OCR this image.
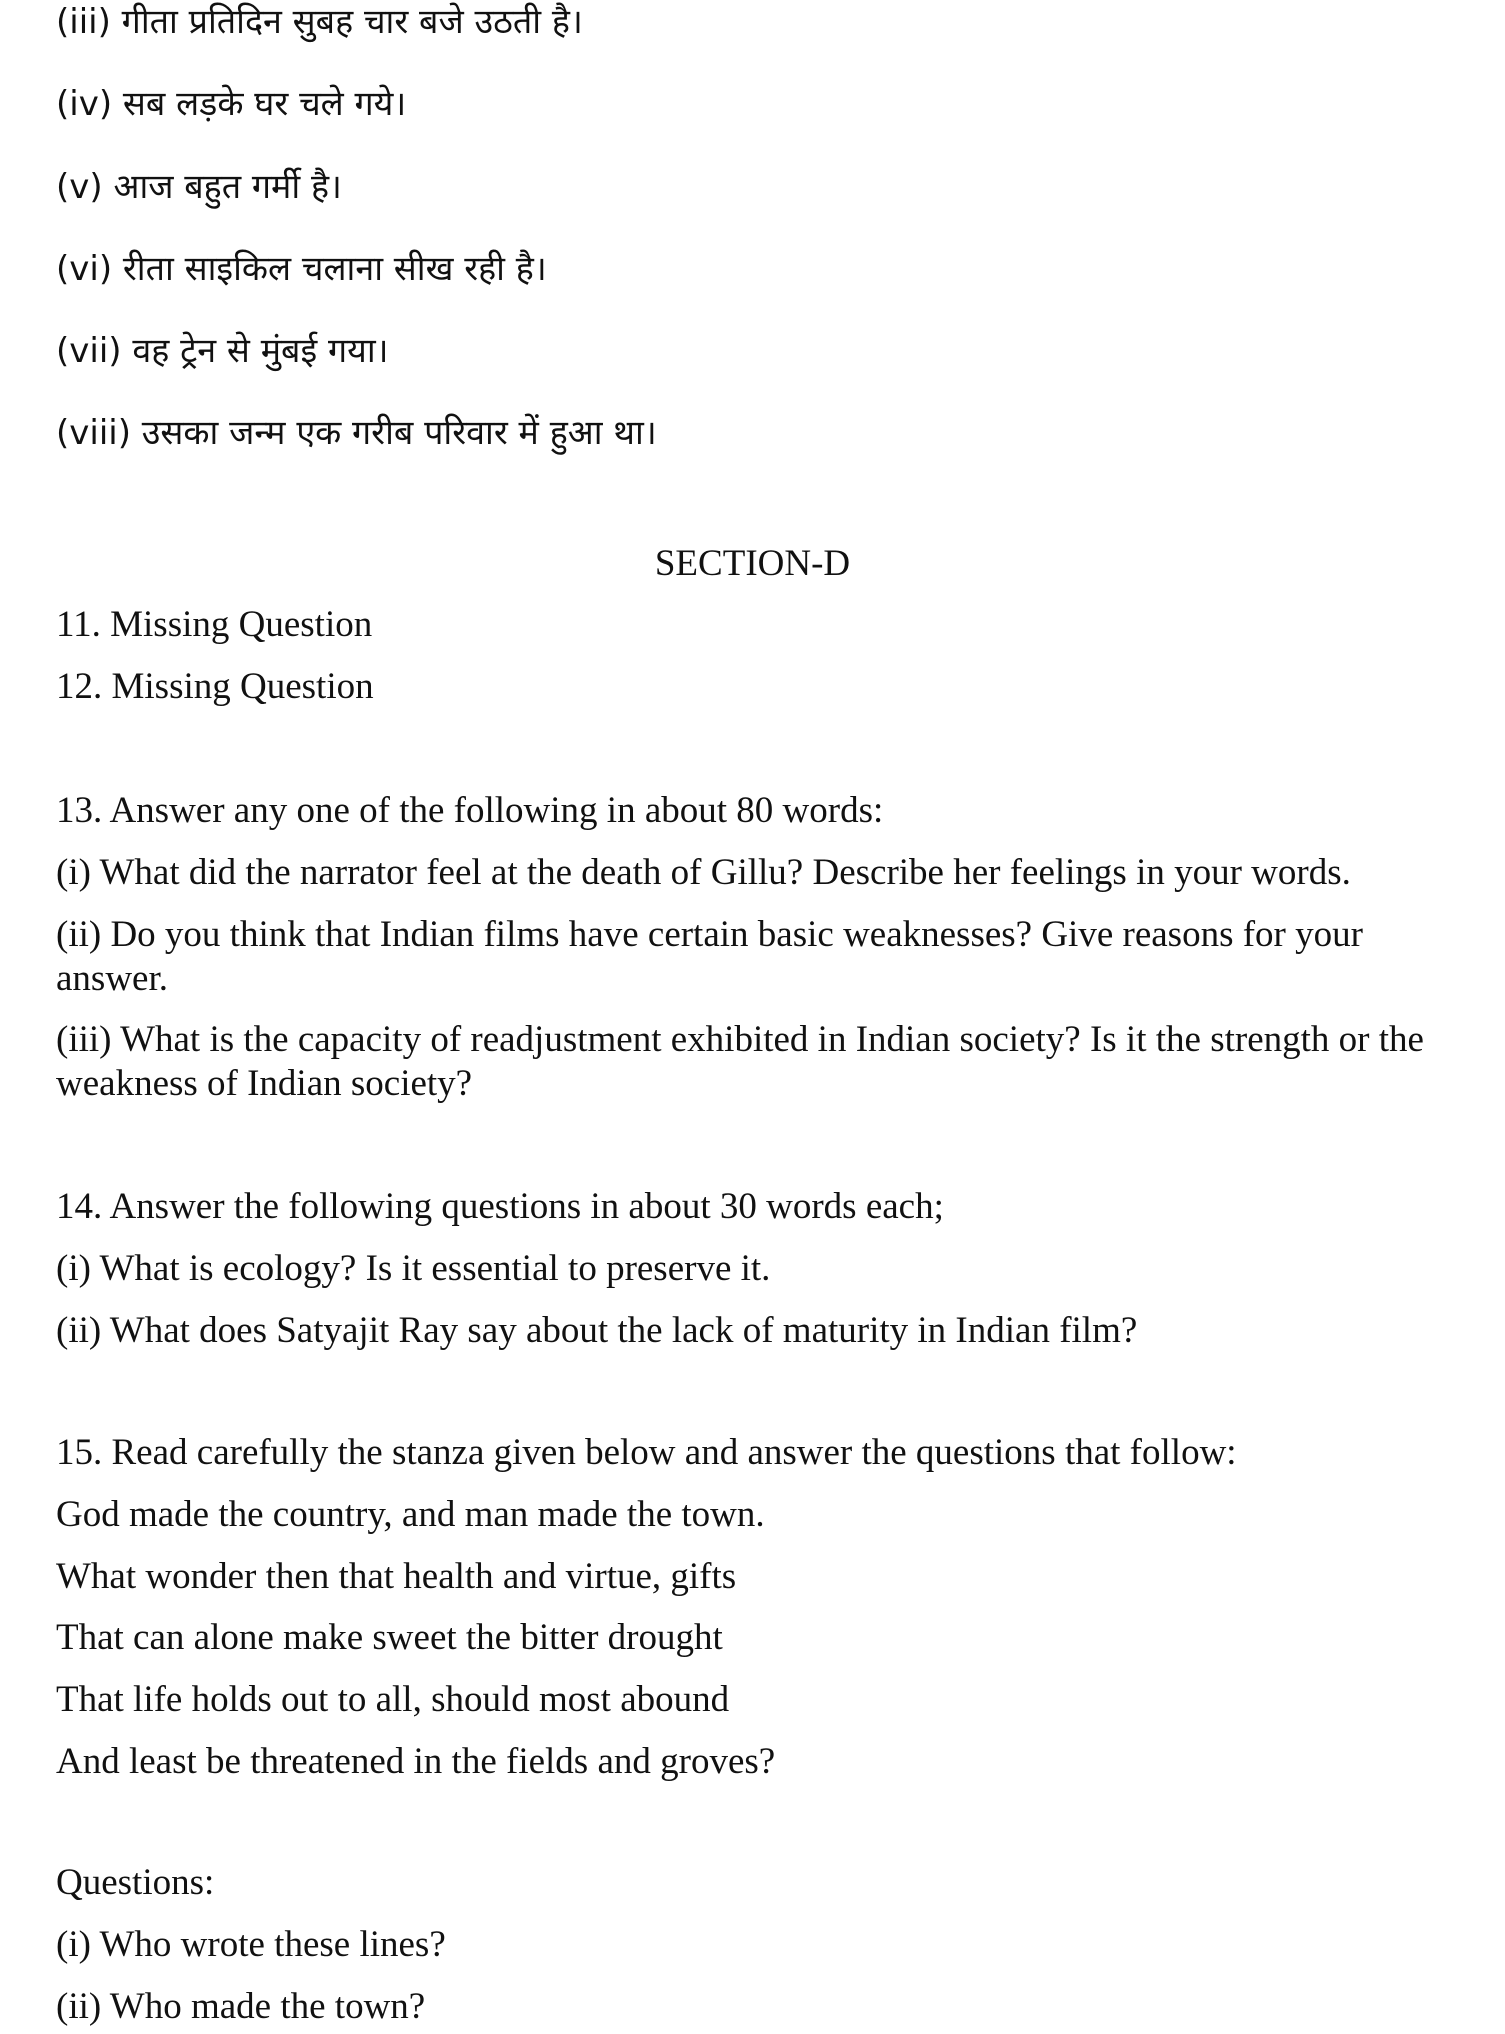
(iii) गीता प्रतिदिन सुबह चार बजे उठती है।
(iv) सब लड़के घर चले गये।
(v) आज बहुत गर्मी है।
(vi) रीता साइकिल चलाना सीख रही है।
(vii) वह ट्रेन से मुंबई गया।
(viii) उसका जन्म एक गरीब परिवार में हुआ था।
SECTION-D
11. Missing Question
12. Missing Question
13. Answer any one of the following in about 80 words:
(i) What did the narrator feel at the death of Gillu? Describe her feelings in your words.
(ii) Do you think that Indian films have certain basic weaknesses? Give reasons for your answer.
(iii) What is the capacity of readjustment exhibited in Indian society? Is it the strength or the weakness of Indian society?
14. Answer the following questions in about 30 words each;
(i) What is ecology? Is it essential to preserve it.
(ii) What does Satyajit Ray say about the lack of maturity in Indian film?
15. Read carefully the stanza given below and answer the questions that follow:
God made the country, and man made the town.
What wonder then that health and virtue, gifts
That can alone make sweet the bitter drought
That life holds out to all, should most abound
And least be threatened in the fields and groves?
Questions:
(i) Who wrote these lines?
(ii) Who made the town?
